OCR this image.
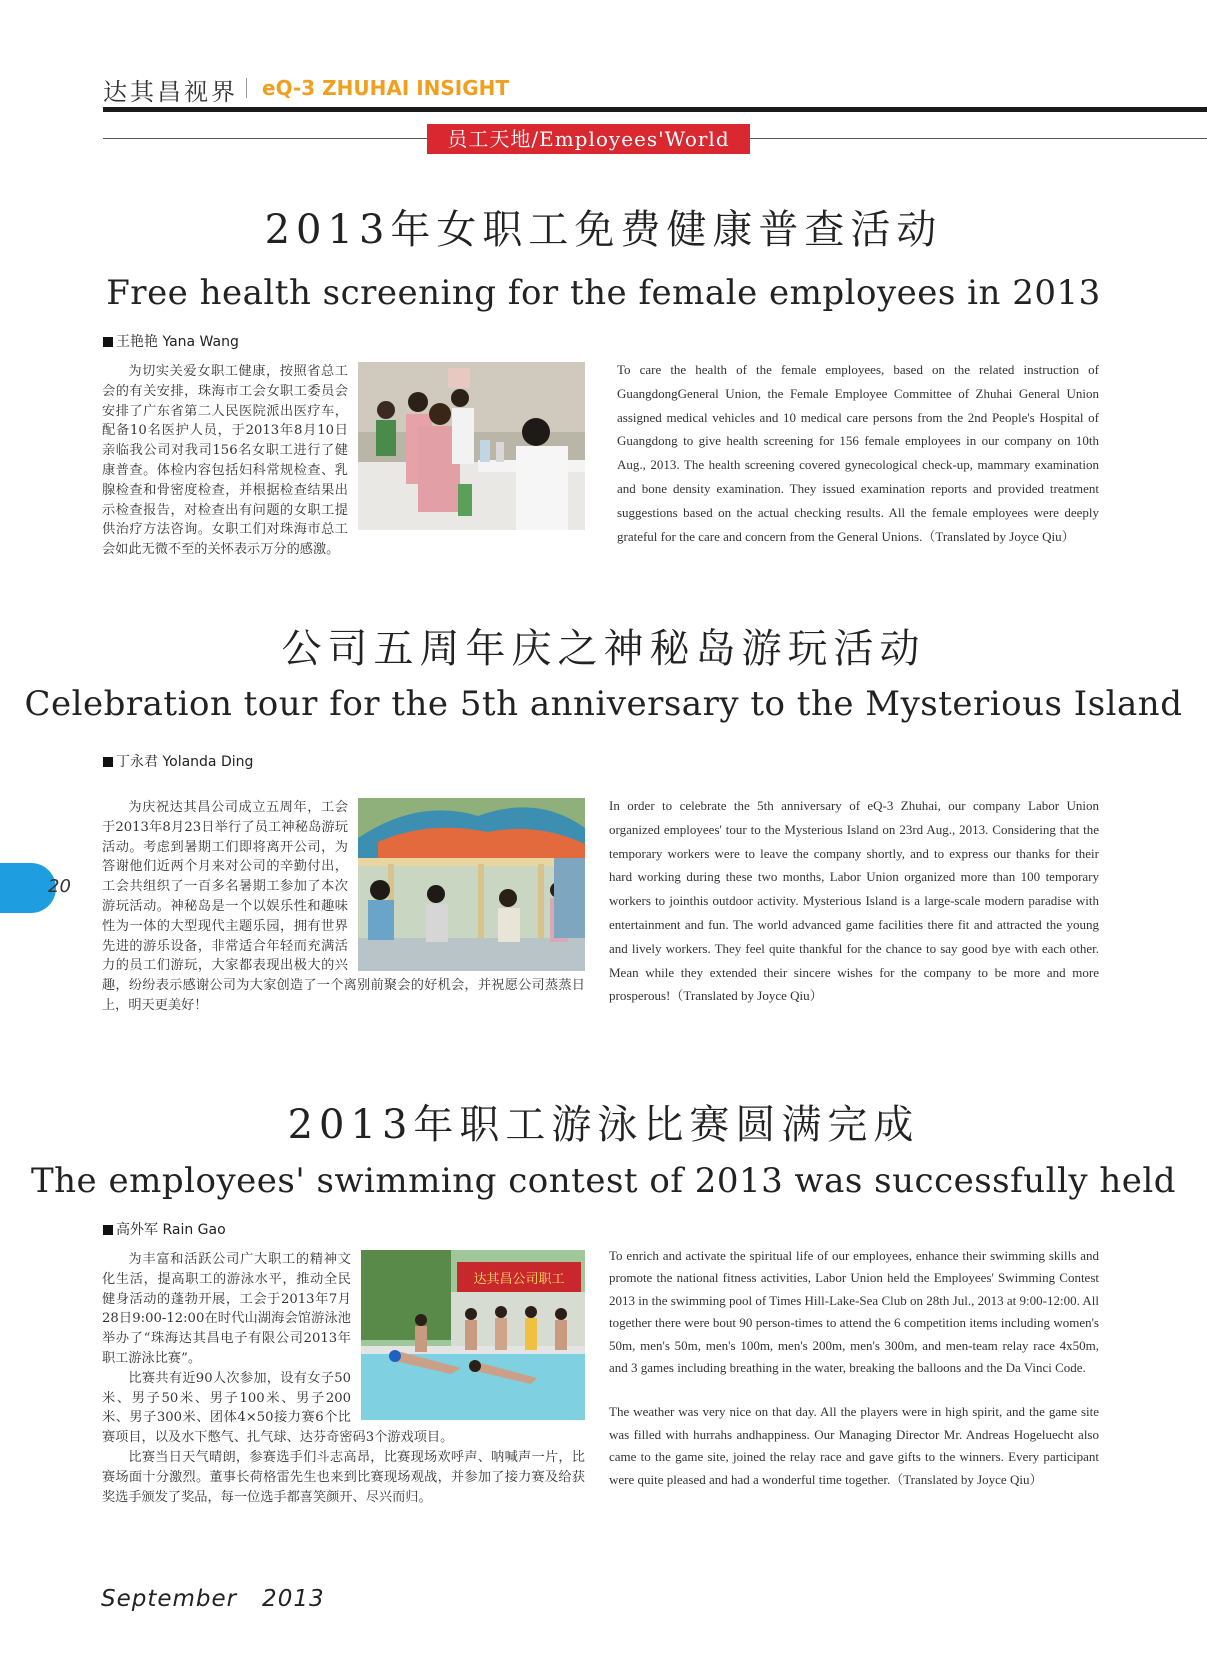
达其昌视界 eQ-3 ZHUHAI INSIGHT
员工天地/Employees'World
2013年女职工免费健康普查活动
Free health screening for the female employees in 2013
王艳艳 Yana Wang

为切实关爱女职工健康，按照省总工会的有关安排，珠海市工会女职工委员会安排了广东省第二人民医院派出医疗车，配备10名医护人员，于2013年8月10日亲临我公司对我司156名女职工进行了健康普查。体检内容包括妇科常规检查、乳腺检查和骨密度检查，并根据检查结果出示检查报告，对检查出有问题的女职工提供治疗方法咨询。女职工们对珠海市总工会如此无微不至的关怀表示万分的感激。

To care the health of the female employees, based on the related instruction of GuangdongGeneral Union, the Female Employee Committee of Zhuhai General Union assigned medical vehicles and 10 medical care persons from the 2nd People's Hospital of Guangdong to give health screening for 156 female employees in our company on 10th Aug., 2013. The health screening covered gynecological check-up, mammary examination and bone density examination. They issued examination reports and provided treatment suggestions based on the actual checking results. All the female employees were deeply grateful for the care and concern from the General Unions.（Translated by Joyce Qiu）

公司五周年庆之神秘岛游玩活动
Celebration tour for the 5th anniversary to the Mysterious Island
丁永君 Yolanda Ding

为庆祝达其昌公司成立五周年，工会于2013年8月23日举行了员工神秘岛游玩活动。考虑到暑期工们即将离开公司，为答谢他们近两个月来对公司的辛勤付出，工会共组织了一百多名暑期工参加了本次游玩活动。神秘岛是一个以娱乐性和趣味性为一体的大型现代主题乐园，拥有世界先进的游乐设备，非常适合年轻而充满活力的员工们游玩，大家都表现出极大的兴趣，纷纷表示感谢公司为大家创造了一个离别前聚会的好机会，并祝愿公司蒸蒸日上，明天更美好！

In order to celebrate the 5th anniversary of eQ-3 Zhuhai, our company Labor Union organized employees' tour to the Mysterious Island on 23rd Aug., 2013. Considering that the temporary workers were to leave the company shortly, and to express our thanks for their hard working during these two months, Labor Union organized more than 100 temporary workers to jointhis outdoor activity. Mysterious Island is a large-scale modern paradise with entertainment and fun. The world advanced game facilities there fit and attracted the young and lively workers. They feel quite thankful for the chance to say good bye with each other. Mean while they extended their sincere wishes for the company to be more and more prosperous!（Translated by Joyce Qiu）

20
2013年职工游泳比赛圆满完成
The employees' swimming contest of 2013 was successfully held
高外军 Rain Gao
达其昌公司职工

为丰富和活跃公司广大职工的精神文化生活，提高职工的游泳水平，推动全民健身活动的蓬勃开展，工会于2013年7月28日9:00-12:00在时代山湖海会馆游泳池举办了“珠海达其昌电子有限公司2013年职工游泳比赛”。

比赛共有近90人次参加，设有女子50米、男子50米、男子100米、男子200米、男子300米、团体4×50接力赛6个比赛项目，以及水下憋气、扎气球、达芬奇密码3个游戏项目。

比赛当日天气晴朗，参赛选手们斗志高昂，比赛现场欢呼声、呐喊声一片，比赛场面十分激烈。董事长荷格雷先生也来到比赛现场观战，并参加了接力赛及给获奖选手颁发了奖品，每一位选手都喜笑颜开、尽兴而归。

To enrich and activate the spiritual life of our employees, enhance their swimming skills and promote the national fitness activities, Labor Union held the Employees' Swimming Contest 2013 in the swimming pool of Times Hill-Lake-Sea Club on 28th Jul., 2013 at 9:00-12:00. All together there were bout 90 person-times to attend the 6 competition items including women's 50m, men's 50m, men's 100m, men's 200m, men's 300m, and men-team relay race 4x50m, and 3 games including breathing in the water, breaking the balloons and the Da Vinci Code.

The weather was very nice on that day. All the players were in high spirit, and the game site was filled with hurrahs andhappiness. Our Managing Director Mr. Andreas Hogeluecht also came to the game site, joined the relay race and gave gifts to the winners. Every participant were quite pleased and had a wonderful time together.（Translated by Joyce Qiu）

September   2013
